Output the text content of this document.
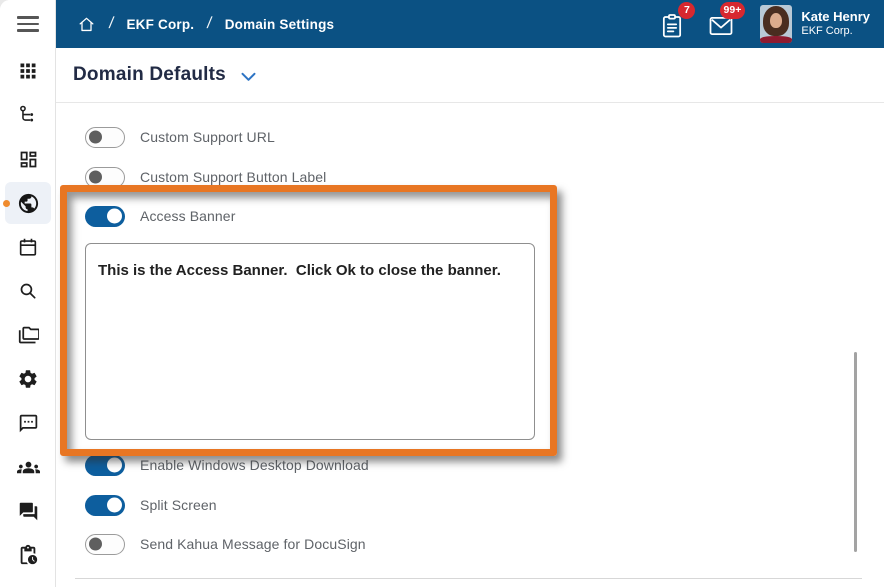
/ EKF Corp. / Domain Settings
7	99+	Kate Henry
EKF Corp.
Domain Defaults
Custom Support URL
Custom Support Button Label
Access Banner
This is the Access Banner.  Click Ok to close the banner.
Enable Windows Desktop Download
Split Screen
Send Kahua Message for DocuSign
